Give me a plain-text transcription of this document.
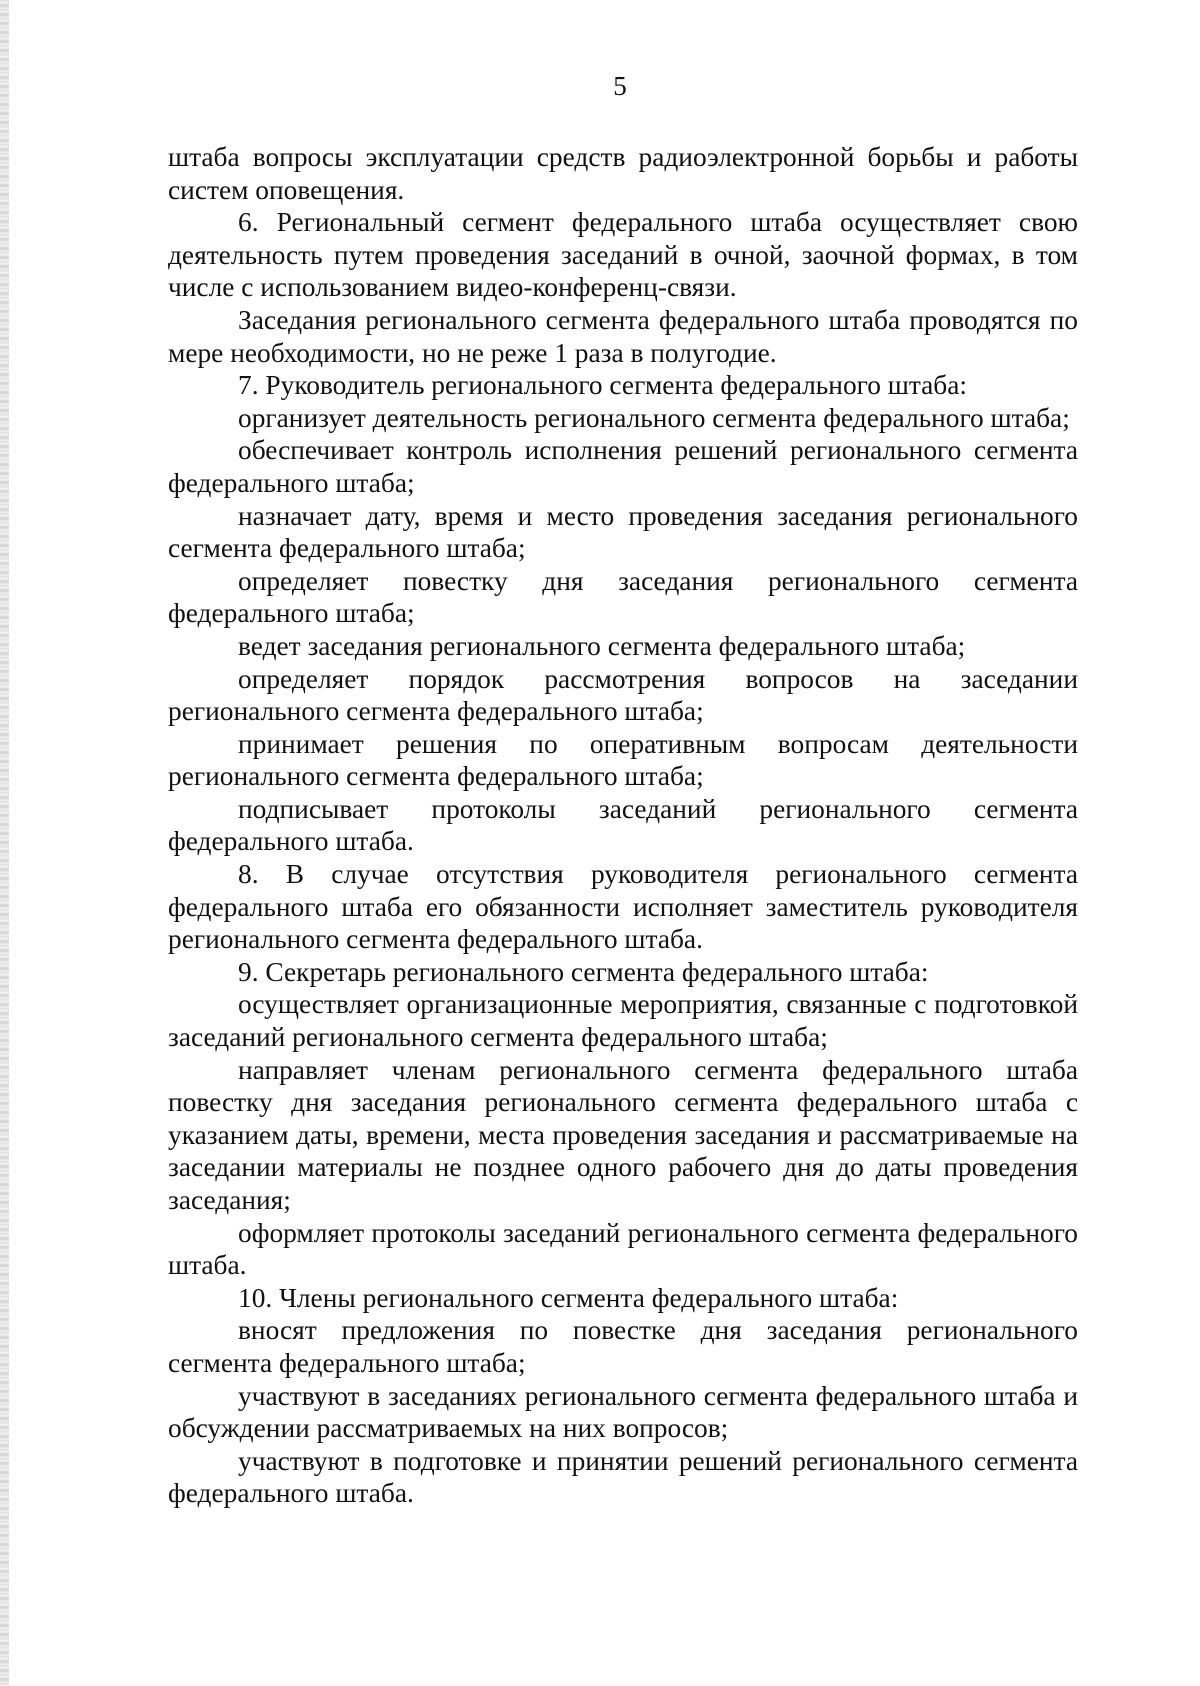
5

штаба вопросы эксплуатации средств радиоэлектронной борьбы и работы систем оповещения.

6. Региональный сегмент федерального штаба осуществляет свою деятельность путем проведения заседаний в очной, заочной формах, в том числе с использованием видео-конференц-связи.

Заседания регионального сегмента федерального штаба проводятся по мере необходимости, но не реже 1 раза в полугодие.

7. Руководитель регионального сегмента федерального штаба:

организует деятельность регионального сегмента федерального штаба;

обеспечивает контроль исполнения решений регионального сегмента федерального штаба;

назначает дату, время и место проведения заседания регионального сегмента федерального штаба;

определяет повестку дня заседания регионального сегмента федерального штаба;

ведет заседания регионального сегмента федерального штаба;

определяет порядок рассмотрения вопросов на заседании регионального сегмента федерального штаба;

принимает решения по оперативным вопросам деятельности регионального сегмента федерального штаба;

подписывает протоколы заседаний регионального сегмента федерального штаба.

8. В случае отсутствия руководителя регионального сегмента федерального штаба его обязанности исполняет заместитель руководителя регионального сегмента федерального штаба.

9. Секретарь регионального сегмента федерального штаба:

осуществляет организационные мероприятия, связанные с подготовкой заседаний регионального сегмента федерального штаба;

направляет членам регионального сегмента федерального штаба повестку дня заседания регионального сегмента федерального штаба с указанием даты, времени, места проведения заседания и рассматриваемые на заседании материалы не позднее одного рабочего дня до даты проведения заседания;

оформляет протоколы заседаний регионального сегмента федерального штаба.

10. Члены регионального сегмента федерального штаба:

вносят предложения по повестке дня заседания регионального сегмента федерального штаба;

участвуют в заседаниях регионального сегмента федерального штаба и обсуждении рассматриваемых на них вопросов;

участвуют в подготовке и принятии решений регионального сегмента федерального штаба.
